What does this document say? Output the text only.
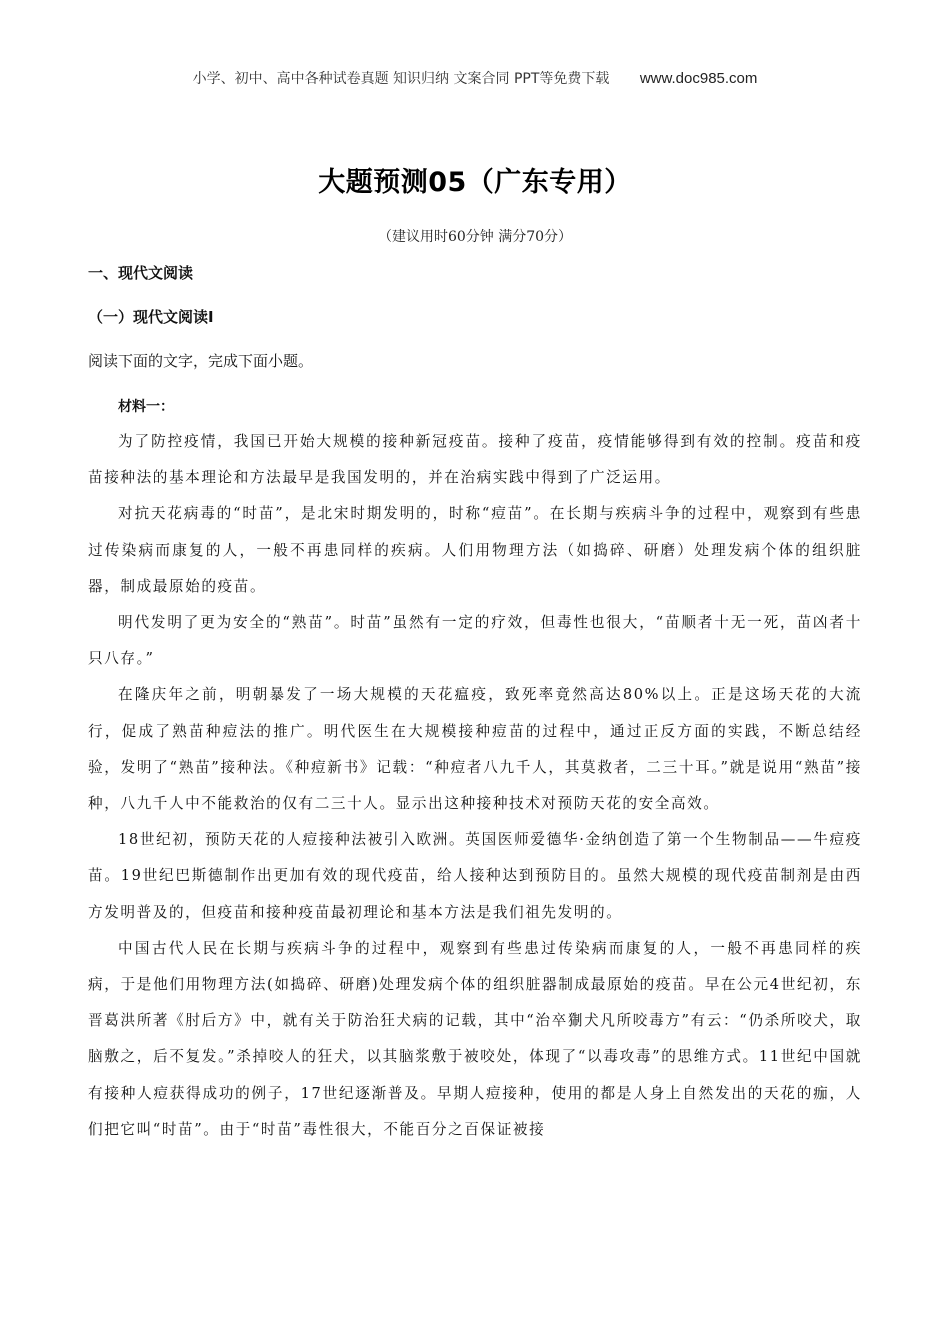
小学、初中、高中各种试卷真题 知识归纳 文案合同 PPT等免费下载 www.doc985.com
大题预测05（广东专用）
（建议用时60分钟 满分70分）
一、现代文阅读
（一）现代文阅读Ⅰ
阅读下面的文字，完成下面小题。
材料一：

为了防控疫情，我国已开始大规模的接种新冠疫苗。接种了疫苗，疫情能够得到有效的控制。疫苗和疫苗接种法的基本理论和方法最早是我国发明的，并在治病实践中得到了广泛运用。

对抗天花病毒的“时苗”，是北宋时期发明的，时称“痘苗”。在长期与疾病斗争的过程中，观察到有些患过传染病而康复的人，一般不再患同样的疾病。人们用物理方法（如捣碎、研磨）处理发病个体的组织脏器，制成最原始的疫苗。

明代发明了更为安全的“熟苗”。时苗”虽然有一定的疗效，但毒性也很大，“苗顺者十无一死，苗凶者十只八存。”

在隆庆年之前，明朝暴发了一场大规模的天花瘟疫，致死率竟然高达80%以上。正是这场天花的大流行，促成了熟苗种痘法的推广。明代医生在大规模接种痘苗的过程中，通过正反方面的实践，不断总结经验，发明了“熟苗”接种法。《种痘新书》记载：“种痘者八九千人，其莫救者，二三十耳。”就是说用“熟苗”接种，八九千人中不能救治的仅有二三十人。显示出这种接种技术对预防天花的安全高效。

18世纪初，预防天花的人痘接种法被引入欧洲。英国医师爱德华·金纳创造了第一个生物制品——牛痘疫苗。19世纪巴斯德制作出更加有效的现代疫苗，给人接种达到预防目的。虽然大规模的现代疫苗制剂是由西方发明普及的，但疫苗和接种疫苗最初理论和基本方法是我们祖先发明的。

中国古代人民在长期与疾病斗争的过程中，观察到有些患过传染病而康复的人，一般不再患同样的疾病，于是他们用物理方法(如捣碎、研磨)处理发病个体的组织脏器制成最原始的疫苗。早在公元4世纪初，东晋葛洪所著《肘后方》中，就有关于防治狂犬病的记载，其中“治卒猘犬凡所咬毒方”有云：“仍杀所咬犬，取脑敷之，后不复发。”杀掉咬人的狂犬，以其脑浆敷于被咬处，体现了“以毒攻毒”的思维方式。11世纪中国就有接种人痘获得成功的例子，17世纪逐渐普及。早期人痘接种，使用的都是人身上自然发出的天花的痂，人们把它叫“时苗”。由于“时苗”毒性很大，不能百分之百保证被接
